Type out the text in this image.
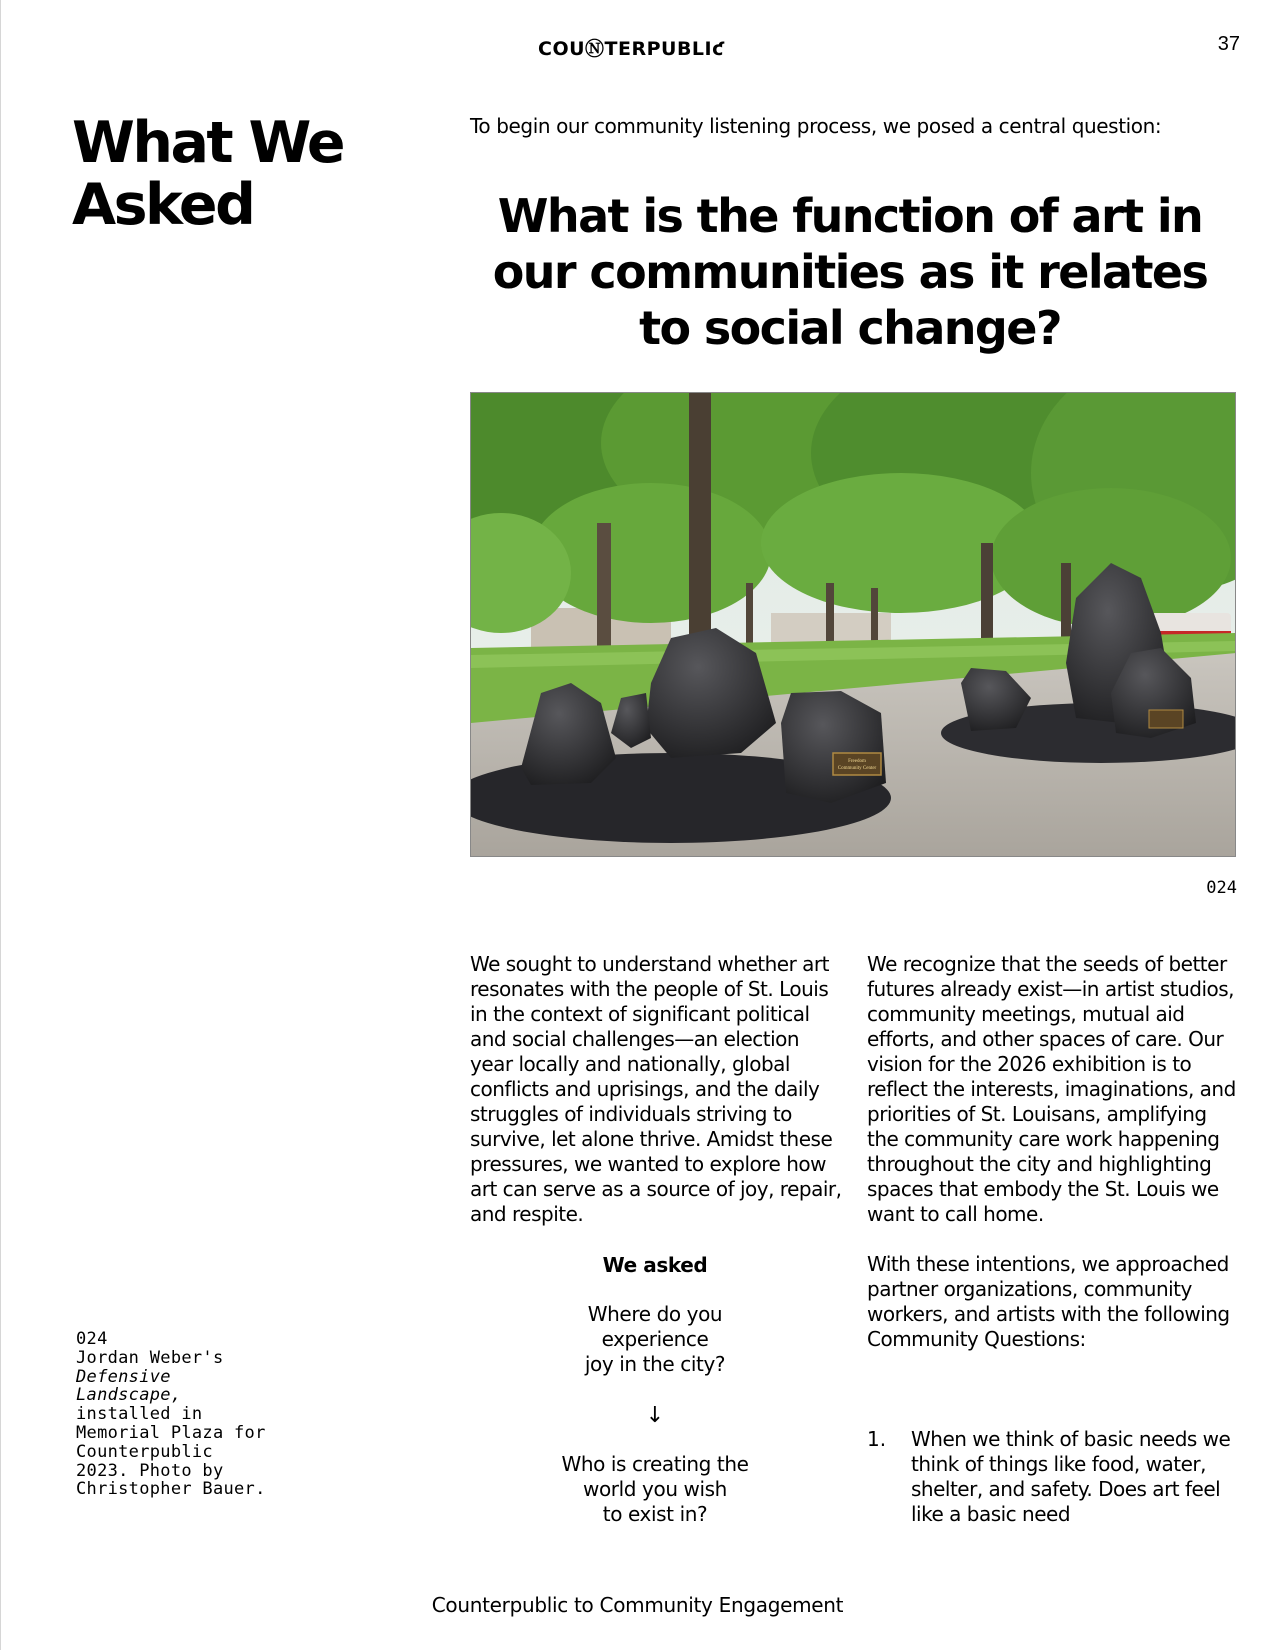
COUⓃTERPUBLIƈ	37
What We Asked
To begin our community listening process, we posed a central question:
What is the function of art in our communities as it relates to social change?
Freedom
Community Center
024

We sought to understand whether art resonates with the people of St. Louis in the context of significant political and social challenges—an election year locally and nationally, global conflicts and uprisings, and the daily struggles of individuals striving to survive, let alone thrive. Amidst these pressures, we wanted to explore how art can serve as a source of joy, repair, and respite.

We asked
Where do you
experience
joy in the city?
↓
Who is creating the
world you wish
to exist in?

We recognize that the seeds of better futures already exist—in artist studios, community meetings, mutual aid efforts, and other spaces of care. Our vision for the 2026 exhibition is to reflect the interests, imaginations, and priorities of St. Louisans, amplifying the community care work happening throughout the city and highlighting spaces that embody the St. Louis we want to call home.

With these intentions, we approached partner organizations, community workers, and artists with the following Community Questions:

1. When we think of basic needs we think of things like food, water, shelter, and safety. Does art feel like a basic need

024
Jordan Weber's
Defensive Landscape,
installed in Memorial Plaza for Counterpublic 2023. Photo by Christopher Bauer.
Counterpublic to Community Engagement
